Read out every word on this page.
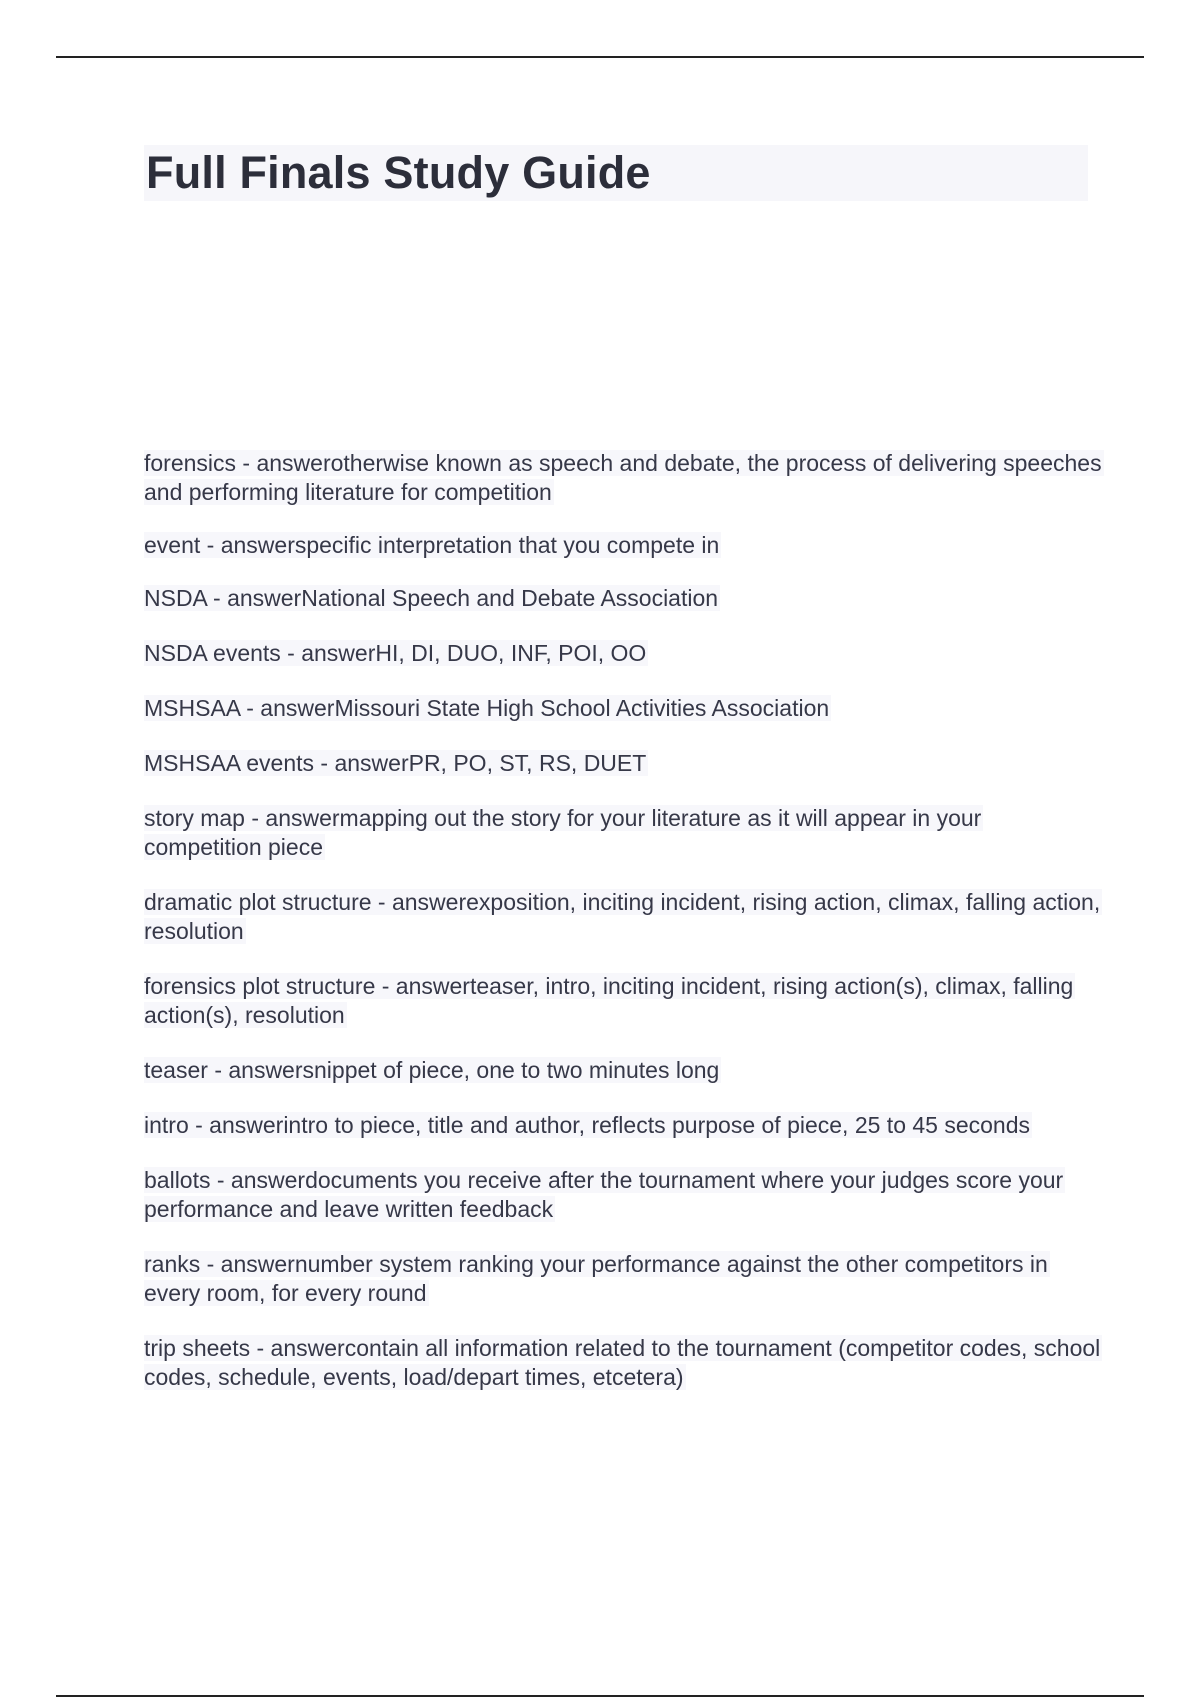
Full Finals Study Guide
forensics - answerotherwise known as speech and debate, the process of delivering speeches and performing literature for competition
event - answerspecific interpretation that you compete in
NSDA - answerNational Speech and Debate Association
NSDA events - answerHI, DI, DUO, INF, POI, OO
MSHSAA - answerMissouri State High School Activities Association
MSHSAA events - answerPR, PO, ST, RS, DUET
story map - answermapping out the story for your literature as it will appear in your competition piece
dramatic plot structure - answerexposition, inciting incident, rising action, climax, falling action, resolution
forensics plot structure - answerteaser, intro, inciting incident, rising action(s), climax, falling action(s), resolution
teaser - answersnippet of piece, one to two minutes long
intro - answerintro to piece, title and author, reflects purpose of piece, 25 to 45 seconds
ballots - answerdocuments you receive after the tournament where your judges score your performance and leave written feedback
ranks - answernumber system ranking your performance against the other competitors in every room, for every round
trip sheets - answercontain all information related to the tournament (competitor codes, school codes, schedule, events, load/depart times, etcetera)
